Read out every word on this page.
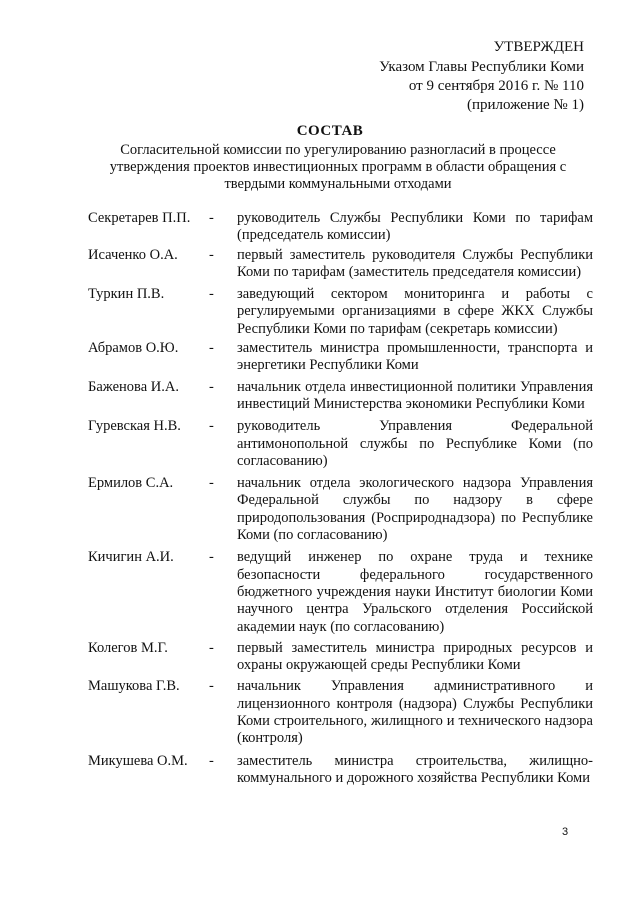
УТВЕРЖДЕН
Указом Главы Республики Коми
от 9 сентября 2016 г. № 110
(приложение № 1)
СОСТАВ
Согласительной комиссии по урегулированию разногласий в процессе утверждения проектов инвестиционных программ в области обращения с твердыми коммунальными отходами
Секретарев П.П.	-	руководитель Службы Республики Коми по тарифам (председатель комиссии)
Исаченко О.А.	-	первый заместитель руководителя Службы Республики Коми по тарифам (заместитель председателя комиссии)
Туркин П.В.	-	заведующий сектором мониторинга и работы с регулируемыми организациями в сфере ЖКХ Службы Республики Коми по тарифам (секретарь комиссии)
Абрамов О.Ю.	-	заместитель министра промышленности, транспорта и энергетики Республики Коми
Баженова И.А.	-	начальник отдела инвестиционной политики Управления инвестиций Министерства экономики Республики Коми
Гуревская Н.В.	-	руководитель Управления Федеральной антимонопольной службы по Республике Коми (по согласованию)
Ермилов С.А.	-	начальник отдела экологического надзора Управления Федеральной службы по надзору в сфере природопользования (Росприроднадзора) по Республике Коми (по согласованию)
Кичигин А.И.	-	ведущий инженер по охране труда и технике безопасности федерального государственного бюджетного учреждения науки Институт биологии Коми научного центра Уральского отделения Российской академии наук (по согласованию)
Колегов М.Г.	-	первый заместитель министра природных ресурсов и охраны окружающей среды Республики Коми
Машукова Г.В.	-	начальник Управления административного и лицензионного контроля (надзора) Службы Республики Коми строительного, жилищного и технического надзора (контроля)
Микушева О.М.	-	заместитель министра строительства, жилищно-коммунального и дорожного хозяйства Республики Коми
3
